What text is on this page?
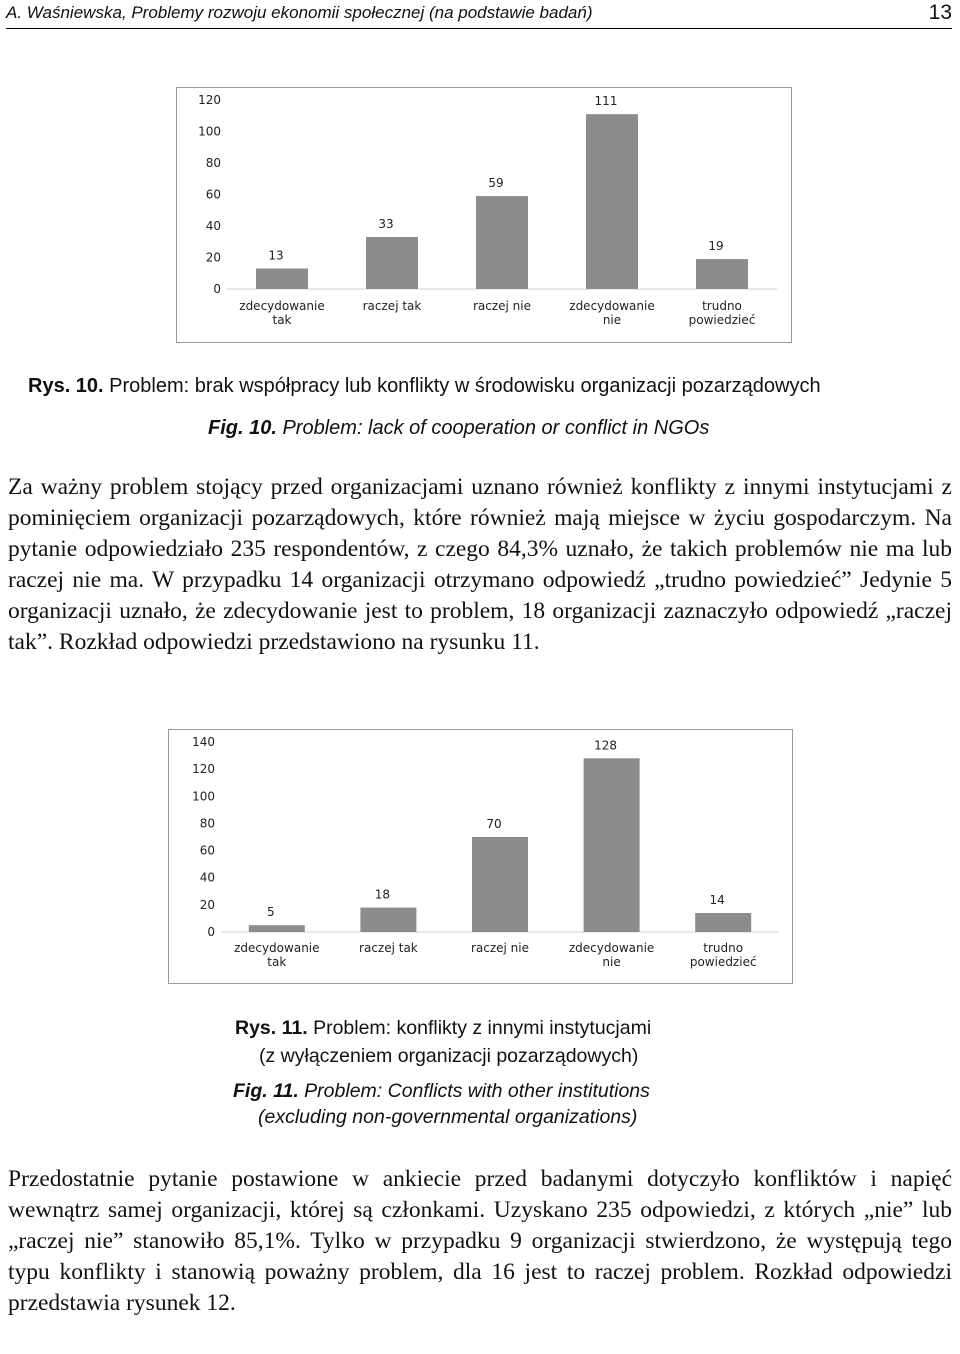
A. Waśniewska, Problemy rozwoju ekonomii społecznej (na podstawie badań)	13
0
20
40
60
80
100
120
13
zdecydowanie
tak
33
raczej tak
59
raczej nie
111
zdecydowanie
nie
19
trudno
powiedzieć
Rys. 10. Problem: brak współpracy lub konflikty w środowisku organizacji pozarządowych
Fig. 10. Problem: lack of cooperation or conflict in NGOs

Za ważny problem stojący przed organizacjami uznano również konflikty z innymi instytucjami z pominięciem organizacji pozarządowych, które również mają miejsce w życiu gospodarczym. Na pytanie odpowiedziało 235 respondentów, z czego 84,3% uznało, że takich problemów nie ma lub raczej nie ma. W przypadku 14 organizacji otrzymano odpowiedź „trudno powiedzieć” Jedynie 5 organizacji uznało, że zdecydowanie jest to problem, 18 organizacji zaznaczyło odpowiedź „raczej tak”. Rozkład odpowiedzi przedstawiono na rysunku 11.

0
20
40
60
80
100
120
140
5
zdecydowanie
tak
18
raczej tak
70
raczej nie
128
zdecydowanie
nie
14
trudno
powiedzieć
Rys. 11. Problem: konflikty z innymi instytucjami
(z wyłączeniem organizacji pozarządowych)
Fig. 11. Problem: Conflicts with other institutions
(excluding non-governmental organizations)

Przedostatnie pytanie postawione w ankiecie przed badanymi dotyczyło konfliktów i napięć wewnątrz samej organizacji, której są członkami. Uzyskano 235 odpowiedzi, z których „nie” lub „raczej nie” stanowiło 85,1%. Tylko w przypadku 9 organizacji stwierdzono, że występują tego typu konflikty i stanowią poważny problem, dla 16 jest to raczej problem. Rozkład odpowiedzi przedstawia rysunek 12.
